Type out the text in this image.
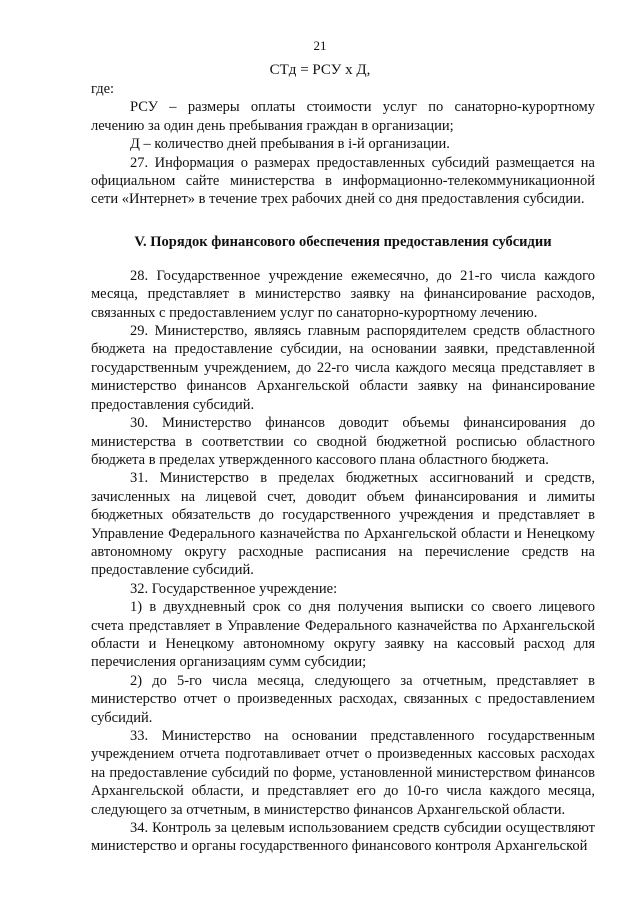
21
СТд = РСУ х Д,

где:

РСУ – размеры оплаты стоимости услуг по санаторно-курортному лечению за один день пребывания граждан в организации;

Д – количество дней пребывания в i-й организации.

27. Информация о размерах предоставленных субсидий размещается на официальном сайте министерства в информационно-телекоммуникационной сети «Интернет» в течение трех рабочих дней со дня предоставления субсидии.

V. Порядок финансового обеспечения предоставления субсидии

28. Государственное учреждение ежемесячно, до 21-го числа каждого месяца, представляет в министерство заявку на финансирование расходов, связанных с предоставлением услуг по санаторно-курортному лечению.

29. Министерство, являясь главным распорядителем средств областного бюджета на предоставление субсидии, на основании заявки, представленной государственным учреждением, до 22-го числа каждого месяца представляет в министерство финансов Архангельской области заявку на финансирование предоставления субсидий.

30. Министерство финансов доводит объемы финансирования до министерства в соответствии со сводной бюджетной росписью областного бюджета в пределах утвержденного кассового плана областного бюджета.

31. Министерство в пределах бюджетных ассигнований и средств, зачисленных на лицевой счет, доводит объем финансирования и лимиты бюджетных обязательств до государственного учреждения и представляет в Управление Федерального казначейства по Архангельской области и Ненецкому автономному округу расходные расписания на перечисление средств на предоставление субсидий.

32. Государственное учреждение:

1) в двухдневный срок со дня получения выписки со своего лицевого счета представляет в Управление Федерального казначейства по Архангельской области и Ненецкому автономному округу заявку на кассовый расход для перечисления организациям сумм субсидии;

2) до 5-го числа месяца, следующего за отчетным, представляет в министерство отчет о произведенных расходах, связанных с предоставлением субсидий.

33. Министерство на основании представленного государственным учреждением отчета подготавливает отчет о произведенных кассовых расходах на предоставление субсидий по форме, установленной министерством финансов Архангельской области, и представляет его до 10-го числа каждого месяца, следующего за отчетным, в министерство финансов Архангельской области.

34. Контроль за целевым использованием средств субсидии осуществляют министерство и органы государственного финансового контроля Архангельской
